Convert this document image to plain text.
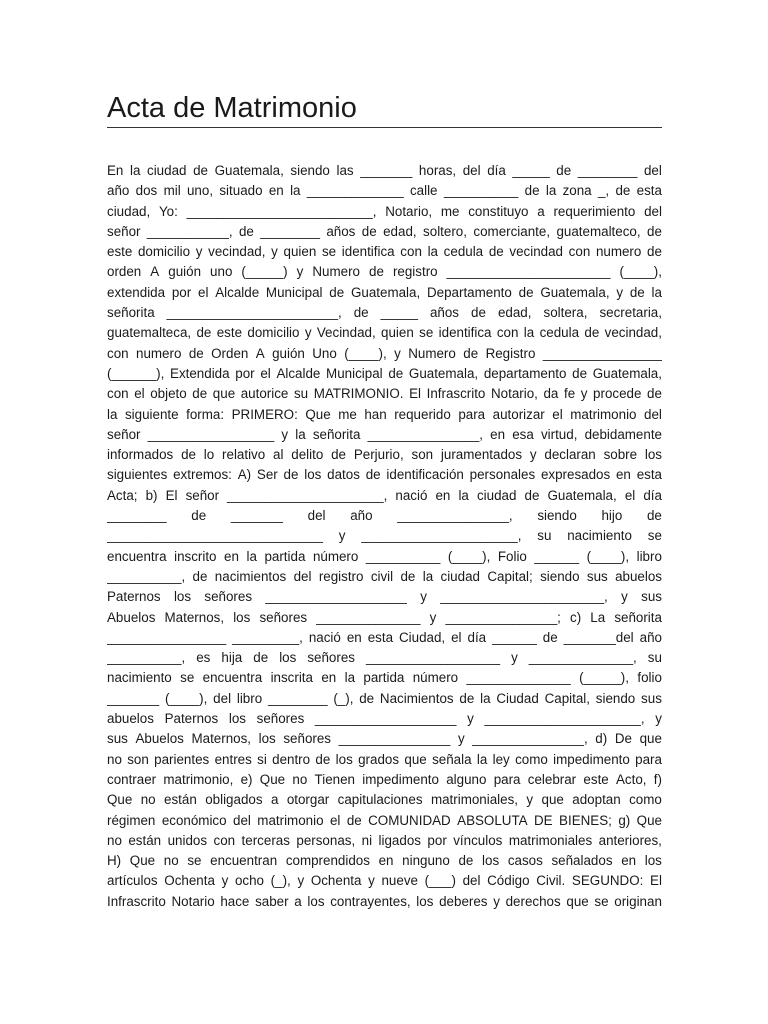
Acta de Matrimonio
En la ciudad de Guatemala, siendo las _______ horas, del día _____ de ________ del
año dos mil uno, situado en la _____________ calle __________ de la zona _, de esta
ciudad, Yo: _________________________, Notario, me constituyo a requerimiento del
señor ___________, de ________ años de edad, soltero, comerciante, guatemalteco, de
este domicilio y vecindad, y quien se identifica con la cedula de vecindad con numero de
orden A guión uno (_____) y Numero de registro ______________________ (____),
extendida por el Alcalde Municipal de Guatemala, Departamento de Guatemala, y de la
señorita _______________________, de _____ años de edad, soltera, secretaria,
guatemalteca, de este domicilio y Vecindad, quien se identifica con la cedula de vecindad,
con numero de Orden A guión Uno (____), y Numero de Registro ________________
(______), Extendida por el Alcalde Municipal de Guatemala, departamento de Guatemala,
con el objeto de que autorice su MATRIMONIO. El Infrascrito Notario, da fe y procede de
la siguiente forma: PRIMERO: Que me han requerido para autorizar el matrimonio del
señor _________________ y la señorita _______________, en esa virtud, debidamente
informados de lo relativo al delito de Perjurio, son juramentados y declaran sobre los
siguientes extremos: A) Ser de los datos de identificación personales expresados en esta
Acta; b) El señor _____________________, nació en la ciudad de Guatemala, el día
________ de _______ del año _______________, siendo hijo de
_____________________________ y _____________________, su nacimiento se
encuentra inscrito en la partida número __________ (____), Folio ______ (____), libro
__________, de nacimientos del registro civil de la ciudad Capital; siendo sus abuelos
Paternos los señores ___________________ y ______________________, y sus
Abuelos Maternos, los señores ______________ y _______________; c) La señorita
________________ _________, nació en esta Ciudad, el día ______ de _______del año
__________, es hija de los señores __________________ y ______________, su
nacimiento se encuentra inscrita en la partida número ______________ (_____), folio
_______ (____), del libro ________ (_), de Nacimientos de la Ciudad Capital, siendo sus
abuelos Paternos los señores ___________________ y _____________________, y
sus Abuelos Maternos, los señores _______________ y _______________, d) De que
no son parientes entres si dentro de los grados que señala la ley como impedimento para
contraer matrimonio, e) Que no Tienen impedimento alguno para celebrar este Acto, f)
Que no están obligados a otorgar capitulaciones matrimoniales, y que adoptan como
régimen económico del matrimonio el de COMUNIDAD ABSOLUTA DE BIENES; g) Que
no están unidos con terceras personas, ni ligados por vínculos matrimoniales anteriores,
H) Que no se encuentran comprendidos en ninguno de los casos señalados en los
artículos Ochenta y ocho (_), y Ochenta y nueve (___) del Código Civil. SEGUNDO: El
Infrascrito Notario hace saber a los contrayentes, los deberes y derechos que se originan
